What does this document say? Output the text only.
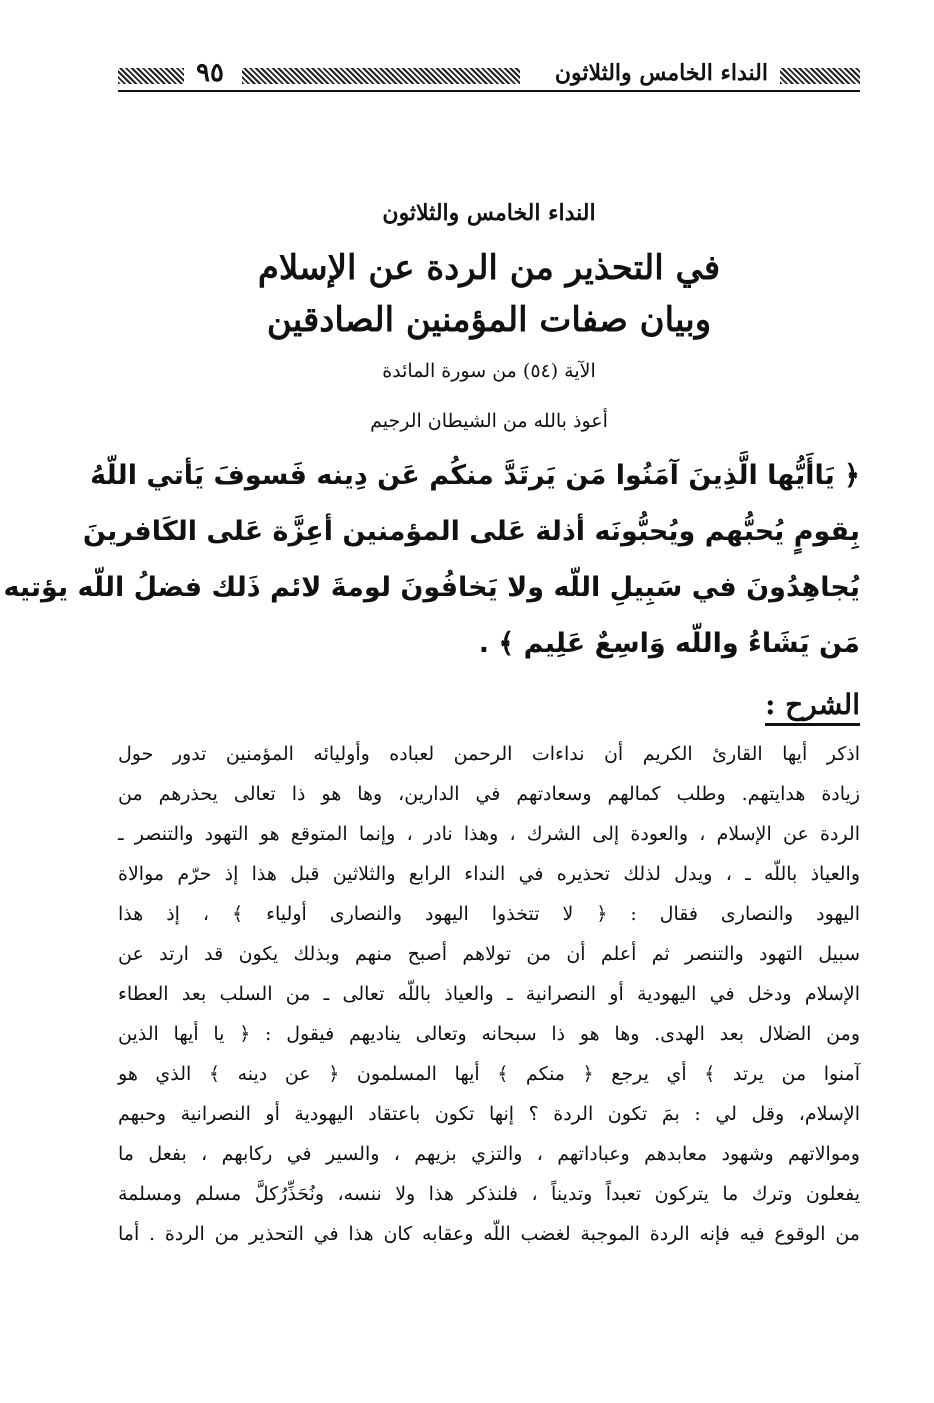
النداء الخامس والثلاثون
٩٥
النداء الخامس والثلاثون
في التحذير من الردة عن الإسلام
وبيان صفات المؤمنين الصادقين
الآية (٥٤) من سورة المائدة
أعوذ بالله من الشيطان الرجيم
﴿ يَاأَيُّها الَّذِينَ آمَنُوا مَن يَرتَدَّ منكُم عَن دِينه فَسوفَ يَأتي اللّهُ
بِقومٍ يُحبُّهم ويُحبُّونَه أذلة عَلى المؤمنين أعِزَّة عَلى الكَافرينَ
يُجاهِدُونَ في سَبِيلِ اللّه ولا يَخافُونَ لومةَ لائم ذَلك فضلُ اللّه يؤتيه
مَن يَشَاءُ واللّه وَاسِعٌ عَلِيم ﴾ .
الشرح :
اذكر أيها القارئ الكريم أن نداءات الرحمن لعباده وأوليائه المؤمنين تدور حول
زيادة هدايتهم. وطلب كمالهم وسعادتهم في الدارين، وها هو ذا تعالى يحذرهم من
الردة عن الإسلام ، والعودة إلى الشرك ، وهذا نادر ، وإنما المتوقع هو التهود والتنصر ـ
والعياذ باللّه ـ ، ويدل لذلك تحذيره في النداء الرابع والثلاثين قبل هذا إذ حرّم موالاة
اليهود والنصارى فقال : ﴿ لا تتخذوا اليهود والنصارى أولياء ﴾ ، إذ هذا
سبيل التهود والتنصر ثم أعلم أن من تولاهم أصبح منهم وبذلك يكون قد ارتد عن
الإسلام ودخل في اليهودية أو النصرانية ـ والعياذ باللّه تعالى ـ من السلب بعد العطاء
ومن الضلال بعد الهدى. وها هو ذا سبحانه وتعالى يناديهم فيقول : ﴿ يا أيها الذين
آمنوا من يرتد ﴾ أي يرجع ﴿ منكم ﴾ أيها المسلمون ﴿ عن دينه ﴾ الذي هو
الإسلام، وقل لي : بمَ تكون الردة ؟ إنها تكون باعتقاد اليهودية أو النصرانية وحبهم
وموالاتهم وشهود معابدهم وعباداتهم ، والتزي بزيهم ، والسير في ركابهم ، بفعل ما
يفعلون وترك ما يتركون تعبداً وتديناً ، فلنذكر هذا ولا ننسه، ونُحَذِّرُكلَّ مسلم ومسلمة
من الوقوع فيه فإنه الردة الموجبة لغضب اللّه وعقابه كان هذا في التحذير من الردة . أما
